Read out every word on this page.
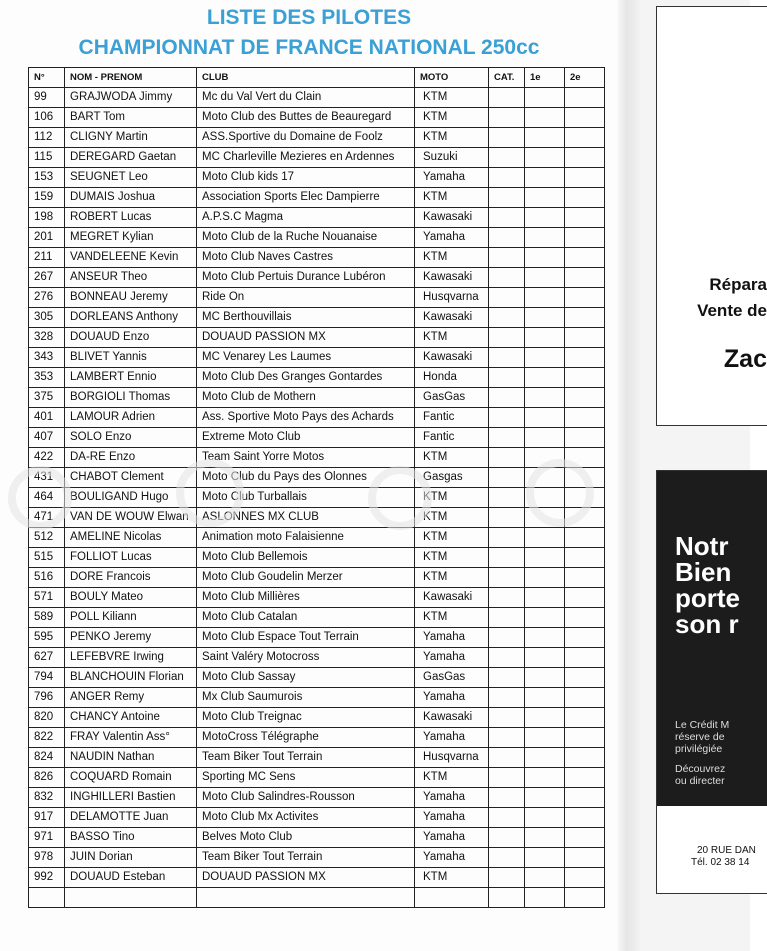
LISTE DES PILOTES
CHAMPIONNAT DE FRANCE NATIONAL 250cc
N°	NOM - PRENOM	CLUB	MOTO	CAT.	1e	2e
99	GRAJWODA Jimmy	Mc du Val Vert du Clain	KTM			
106	BART Tom	Moto Club des Buttes de Beauregard	KTM			
112	CLIGNY Martin	ASS.Sportive du Domaine de Foolz	KTM			
115	DEREGARD Gaetan	MC Charleville Mezieres en Ardennes	Suzuki			
153	SEUGNET Leo	Moto Club kids 17	Yamaha			
159	DUMAIS Joshua	Association Sports Elec Dampierre	KTM			
198	ROBERT Lucas	A.P.S.C Magma	Kawasaki			
201	MEGRET Kylian	Moto Club de la Ruche Nouanaise	Yamaha			
211	VANDELEENE Kevin	Moto Club Naves Castres	KTM			
267	ANSEUR Theo	Moto Club Pertuis Durance Lubéron	Kawasaki			
276	BONNEAU Jeremy	Ride On	Husqvarna			
305	DORLEANS Anthony	MC Berthouvillais	Kawasaki			
328	DOUAUD Enzo	DOUAUD PASSION MX	KTM			
343	BLIVET Yannis	MC Venarey Les Laumes	Kawasaki			
353	LAMBERT Ennio	Moto Club Des Granges Gontardes	Honda			
375	BORGIOLI Thomas	Moto Club de Mothern	GasGas			
401	LAMOUR Adrien	Ass. Sportive Moto Pays des Achards	Fantic			
407	SOLO Enzo	Extreme Moto Club	Fantic			
422	DA-RE Enzo	Team Saint Yorre Motos	KTM			
431	CHABOT Clement	Moto Club du Pays des Olonnes	Gasgas			
464	BOULIGAND Hugo	Moto Club Turballais	KTM			
471	VAN DE WOUW Elwan	ASLONNES MX CLUB	KTM			
512	AMELINE Nicolas	Animation moto Falaisienne	KTM			
515	FOLLIOT Lucas	Moto Club Bellemois	KTM			
516	DORE Francois	Moto Club Goudelin Merzer	KTM			
571	BOULY Mateo	Moto Club Millières	Kawasaki			
589	POLL Kiliann	Moto Club Catalan	KTM			
595	PENKO Jeremy	Moto Club Espace Tout Terrain	Yamaha			
627	LEFEBVRE Irwing	Saint Valéry Motocross	Yamaha			
794	BLANCHOUIN Florian	Moto Club Sassay	GasGas			
796	ANGER Remy	Mx Club Saumurois	Yamaha			
820	CHANCY Antoine	Moto Club Treignac	Kawasaki			
822	FRAY Valentin Ass°	MotoCross Télégraphe	Yamaha			
824	NAUDIN Nathan	Team Biker Tout Terrain	Husqvarna			
826	COQUARD Romain	Sporting MC Sens	KTM			
832	INGHILLERI Bastien	Moto Club Salindres-Rousson	Yamaha			
917	DELAMOTTE Juan	Moto Club Mx Activites	Yamaha			
971	BASSO Tino	Belves Moto Club	Yamaha			
978	JUIN Dorian	Team Biker Tout Terrain	Yamaha			
992	DOUAUD Esteban	DOUAUD PASSION MX	KTM			

Répara
Vente de
Zac
Notr
Bien
porte
son r
Le Crédit M
réserve de
privilégiée
Découvrez
ou directer
20 RUE DAN
Tél. 02 38 14
